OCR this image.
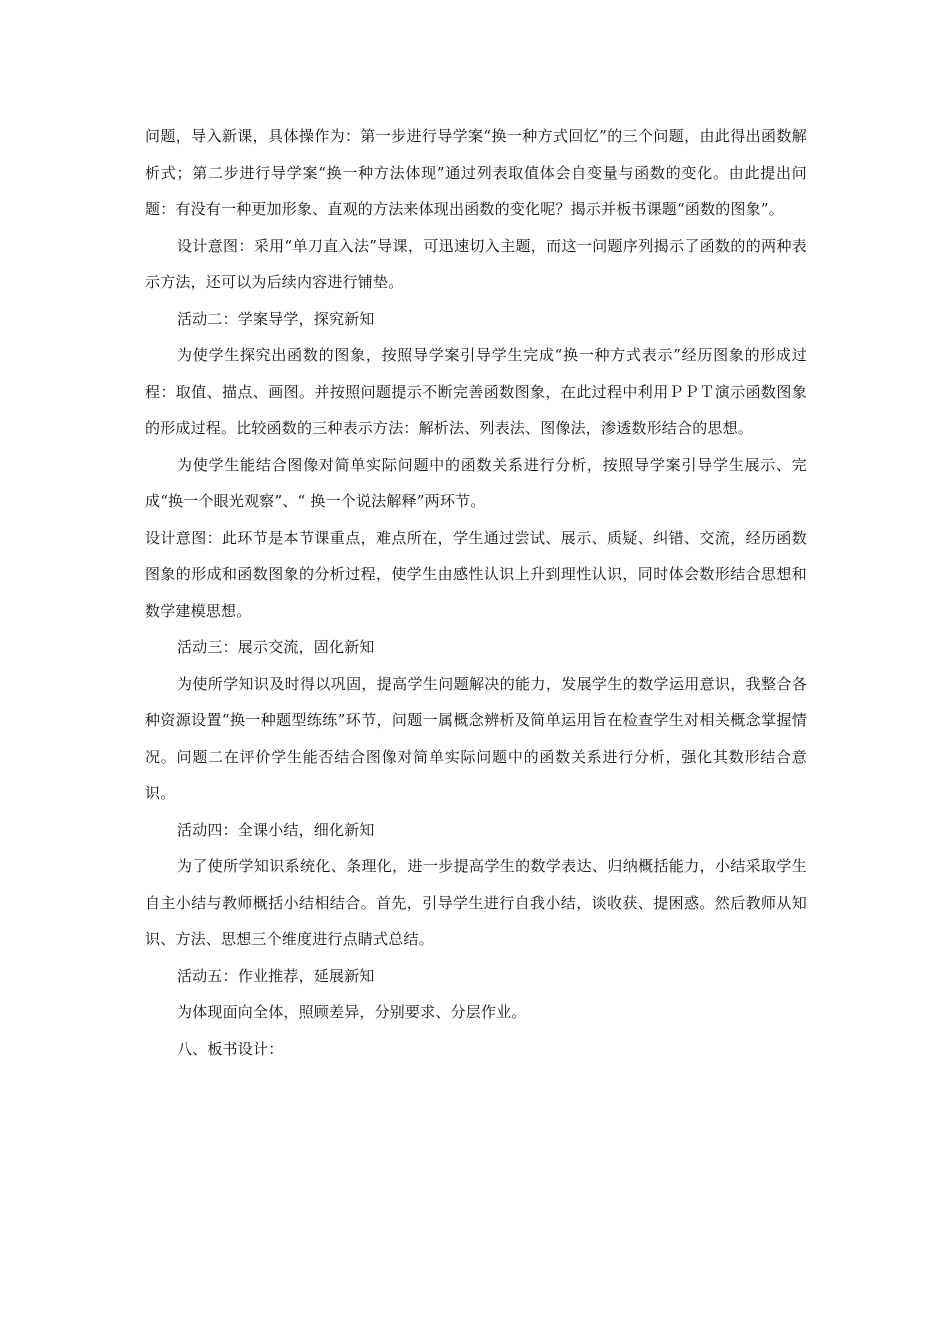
问题，导入新课，具体操作为：第一步进行导学案“换一种方式回忆”的三个问题，由此得出函数解析式；第二步进行导学案“换一种方法体现”通过列表取值体会自变量与函数的变化。由此提出问题：有没有一种更加形象、直观的方法来体现出函数的变化呢？揭示并板书课题“函数的图象”。

设计意图：采用“单刀直入法”导课，可迅速切入主题，而这一问题序列揭示了函数的的两种表示方法，还可以为后续内容进行铺垫。

活动二：学案导学，探究新知

为使学生探究出函数的图象，按照导学案引导学生完成“换一种方式表示”经历图象的形成过程：取值、描点、画图。并按照问题提示不断完善函数图象，在此过程中利用ＰＰＴ演示函数图象的形成过程。比较函数的三种表示方法：解析法、列表法、图像法，渗透数形结合的思想。

为使学生能结合图像对简单实际问题中的函数关系进行分析，按照导学案引导学生展示、完成“换一个眼光观察”、“ 换一个说法解释”两环节。

设计意图：此环节是本节课重点，难点所在，学生通过尝试、展示、质疑、纠错、交流，经历函数图象的形成和函数图象的分析过程，使学生由感性认识上升到理性认识，同时体会数形结合思想和数学建模思想。

活动三：展示交流，固化新知

为使所学知识及时得以巩固，提高学生问题解决的能力，发展学生的数学运用意识，我整合各种资源设置“换一种题型练练”环节，问题一属概念辨析及简单运用旨在检查学生对相关概念掌握情况。问题二在评价学生能否结合图像对简单实际问题中的函数关系进行分析，强化其数形结合意识。

活动四：全课小结，细化新知

为了使所学知识系统化、条理化，进一步提高学生的数学表达、归纳概括能力，小结采取学生自主小结与教师概括小结相结合。首先，引导学生进行自我小结，谈收获、提困惑。然后教师从知识、方法、思想三个维度进行点睛式总结。

活动五：作业推荐，延展新知

为体现面向全体，照顾差异，分别要求、分层作业。

八、板书设计：
